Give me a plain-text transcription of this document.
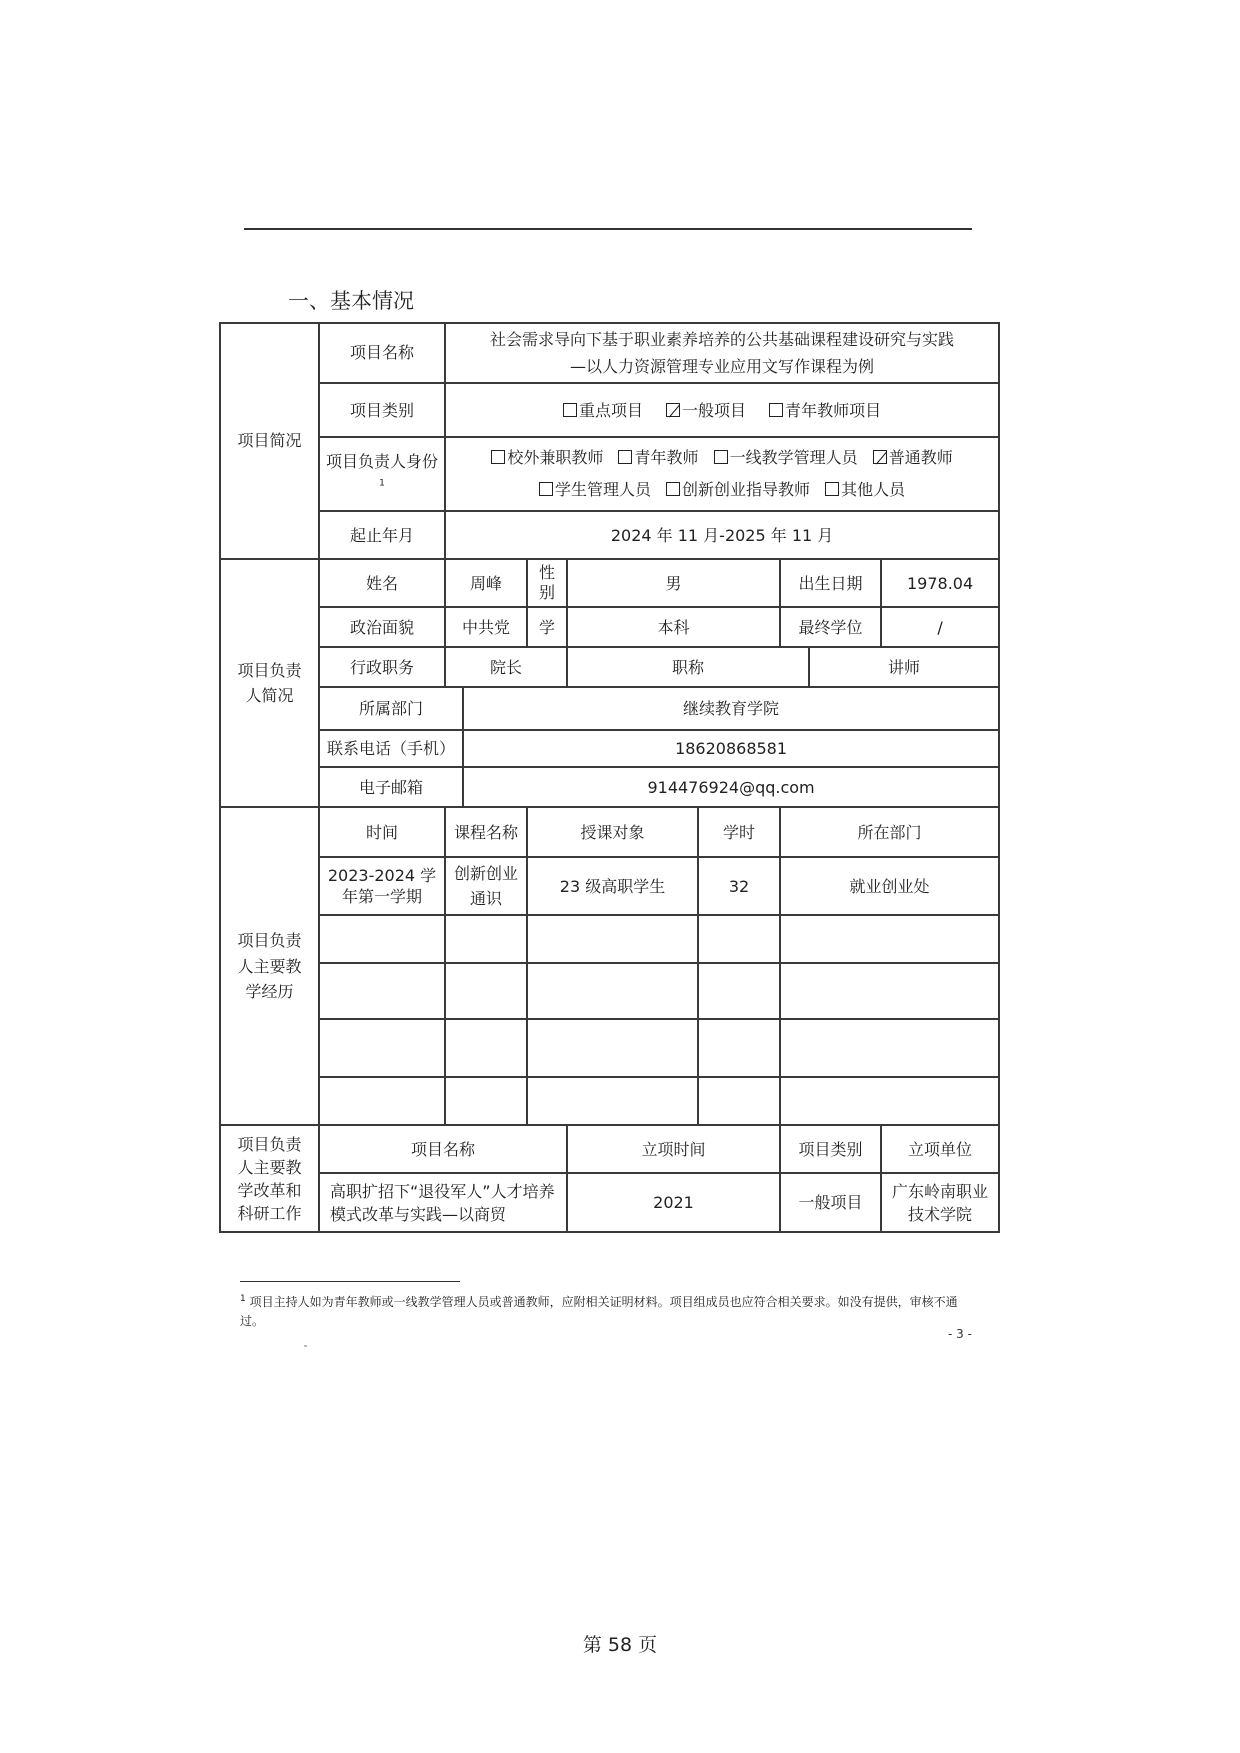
一、基本情况
项目简况	项目名称	社会需求导向下基于职业素养培养的公共基础课程建设研究与实践
—以人力资源管理专业应用文写作课程为例							

	项目类别	重点项目 一般项目 青年教师项目							
	项目负责人身份$^1$	校外兼职教师 青年教师 一线教学管理人员 普通教师
学生管理人员 创新创业指导教师 其他人员							

	起止年月	2024 年 11 月-2025 年 11 月							

项目负责人简况	姓名	周峰		性别	男		出生日期		1978.04
	政治面貌	中共党		学	本科		最终学位		/
	行政职务	院长			职称			讲师	
	所属部门		继续教育学院						
	联系电话（手机）		18620868581						
	电子邮箱		914476924@qq.com						

项目负责人主要教学经历	时间	课程名称		授课对象		学时	所在部门		
	2023-2024 学年第一学期	创新创业通识		23 级高职学生		32	就业创业处		

项目负责人主要教学改革和科研工作	项目名称				立项时间		项目类别		立项单位
	高职扩招下“退役军人”人才培养模式改革与实践—以商贸				2021		一般项目		广东岭南职业技术学院
$^1$ 项目主持人如为青年教师或一线教学管理人员或普通教师，应附相关证明材料。项目组成员也应符合相关要求。如没有提供，审核不通过。
- 3 -
第 58 页
